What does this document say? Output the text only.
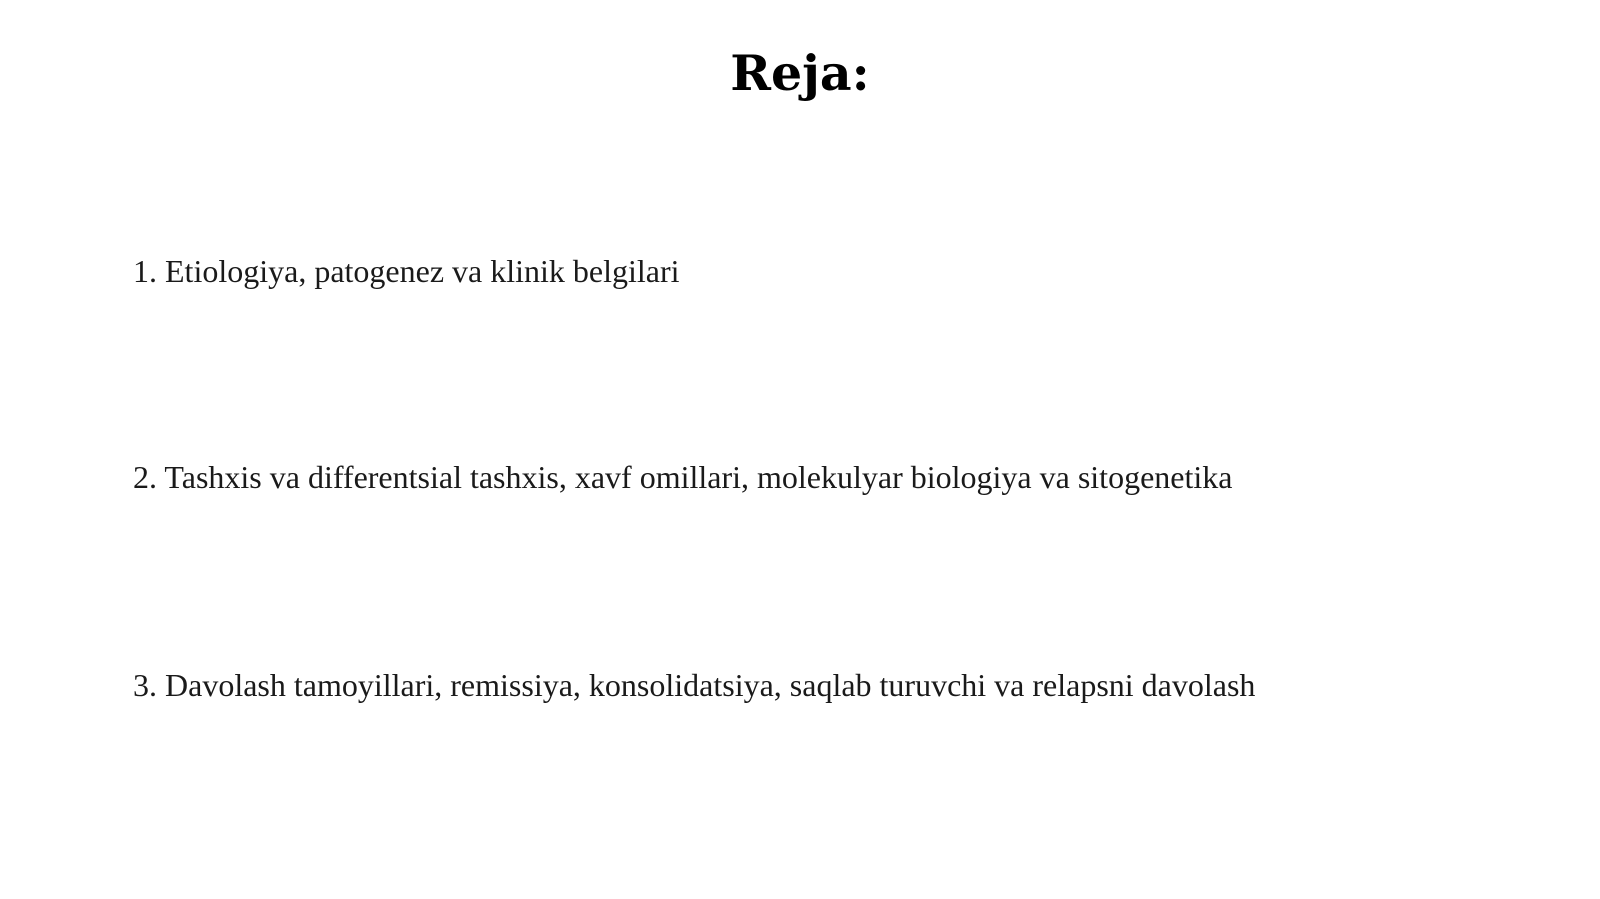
Reja:
1. Etiologiya, patogenez va klinik belgilari
2. Tashxis va differentsial tashxis, xavf omillari, molekulyar biologiya va sitogenetika
3. Davolash tamoyillari, remissiya, konsolidatsiya, saqlab turuvchi va relapsni davolash
